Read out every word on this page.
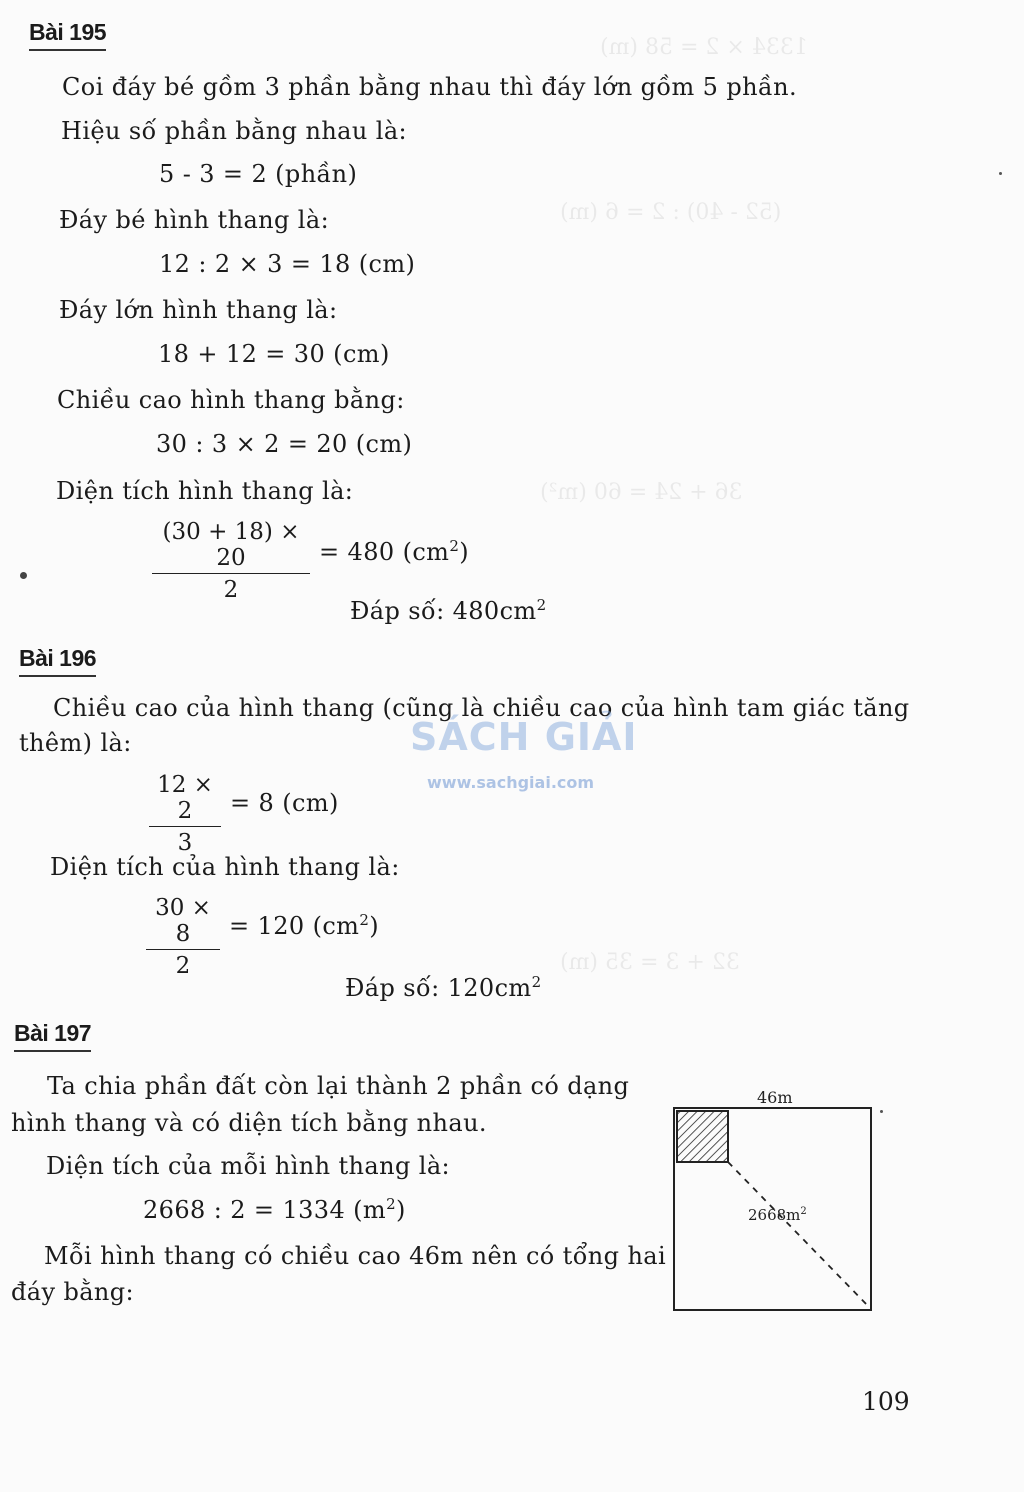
1334 × 2 = 58 (m)
(52 - 40) : 2 = 6 (m)
36 + 24 = 60 (m²)
32 + 3 = 35 (m)
Bài 195
Coi đáy bé gồm 3 phần bằng nhau thì đáy lớn gồm 5 phần.
Hiệu số phần bằng nhau là:
5 - 3 = 2 (phần)
Đáy bé hình thang là:
12 : 2 × 3 = 18 (cm)
Đáy lớn hình thang là:
18 + 12 = 30 (cm)
Chiều cao hình thang bằng:
30 : 3 × 2 = 20 (cm)
Diện tích hình thang là:
$\frac{(30 + 18) \times 20}{2} = 480$ $(cm^2)$
Đáp số: $480cm^2$
Bài 196
Chiều cao của hình thang (cũng là chiều cao của hình tam giác tăng
thêm) là:
$\frac{12 \times 2}{3} = 8$ (cm)
Diện tích của hình thang là:
$\frac{30 \times 8}{2} = 120$ $(cm^2)$
Đáp số: $120cm^2$
Bài 197
Ta chia phần đất còn lại thành 2 phần có dạng
hình thang và có diện tích bằng nhau.
Diện tích của mỗi hình thang là:
2668 : 2 = 1334 $(m^2)$
Mỗi hình thang có chiều cao 46m nên có tổng hai
đáy bằng:
46m
$2668m^2$
SÁCH GIẢI
www.sachgiai.com
109
